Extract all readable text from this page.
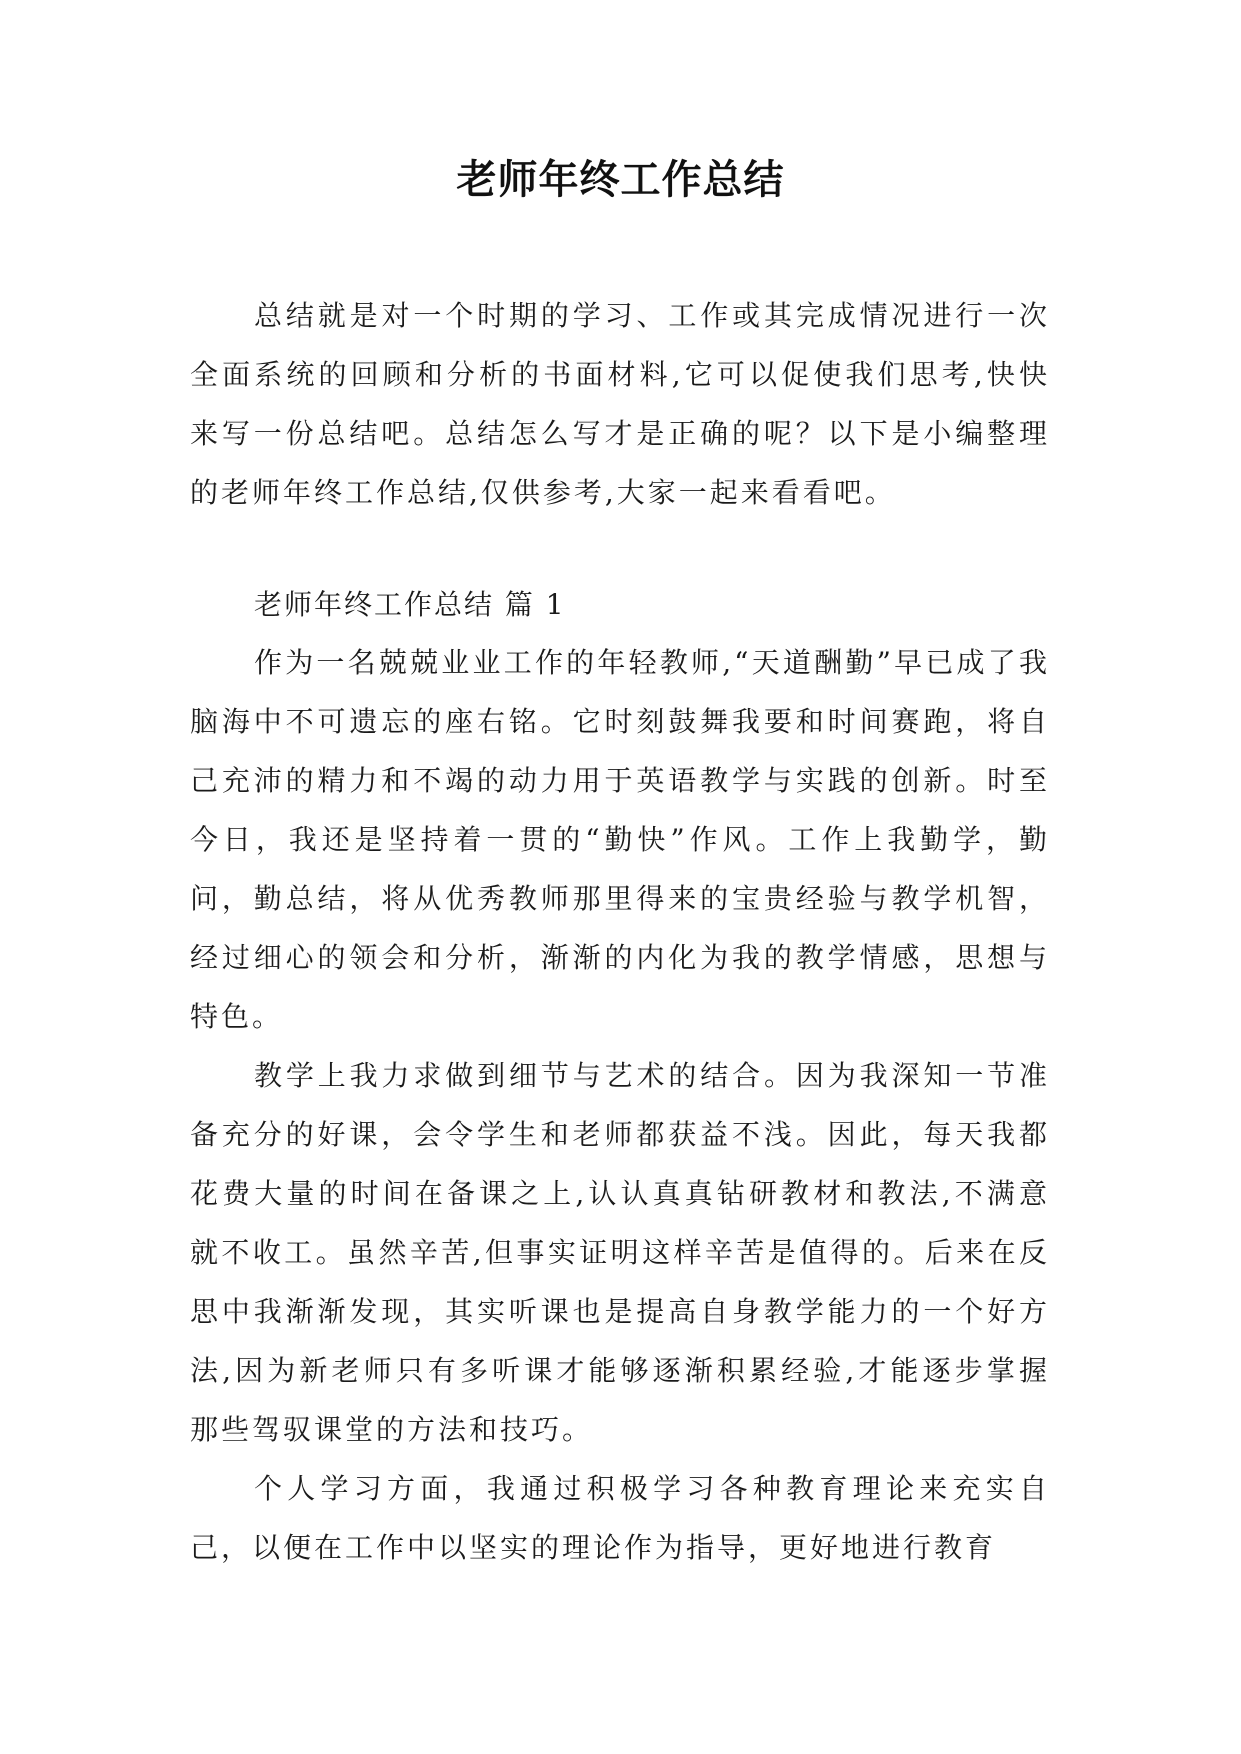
老师年终工作总结

总结就是对一个时期的学习、工作或其完成情况进行一次全面系统的回顾和分析的书面材料,它可以促使我们思考,快快来写一份总结吧。总结怎么写才是正确的呢？以下是小编整理的老师年终工作总结,仅供参考,大家一起来看看吧。

老师年终工作总结 篇 1

作为一名兢兢业业工作的年轻教师,“天道酬勤”早已成了我脑海中不可遗忘的座右铭。它时刻鼓舞我要和时间赛跑，将自己充沛的精力和不竭的动力用于英语教学与实践的创新。时至今日，我还是坚持着一贯的“勤快”作风。工作上我勤学，勤问，勤总结，将从优秀教师那里得来的宝贵经验与教学机智，经过细心的领会和分析，渐渐的内化为我的教学情感，思想与特色。

教学上我力求做到细节与艺术的结合。因为我深知一节准备充分的好课，会令学生和老师都获益不浅。因此，每天我都花费大量的时间在备课之上,认认真真钻研教材和教法,不满意就不收工。虽然辛苦,但事实证明这样辛苦是值得的。后来在反思中我渐渐发现，其实听课也是提高自身教学能力的一个好方法,因为新老师只有多听课才能够逐渐积累经验,才能逐步掌握那些驾驭课堂的方法和技巧。

个人学习方面，我通过积极学习各种教育理论来充实自己，以便在工作中以坚实的理论作为指导，更好地进行教育
